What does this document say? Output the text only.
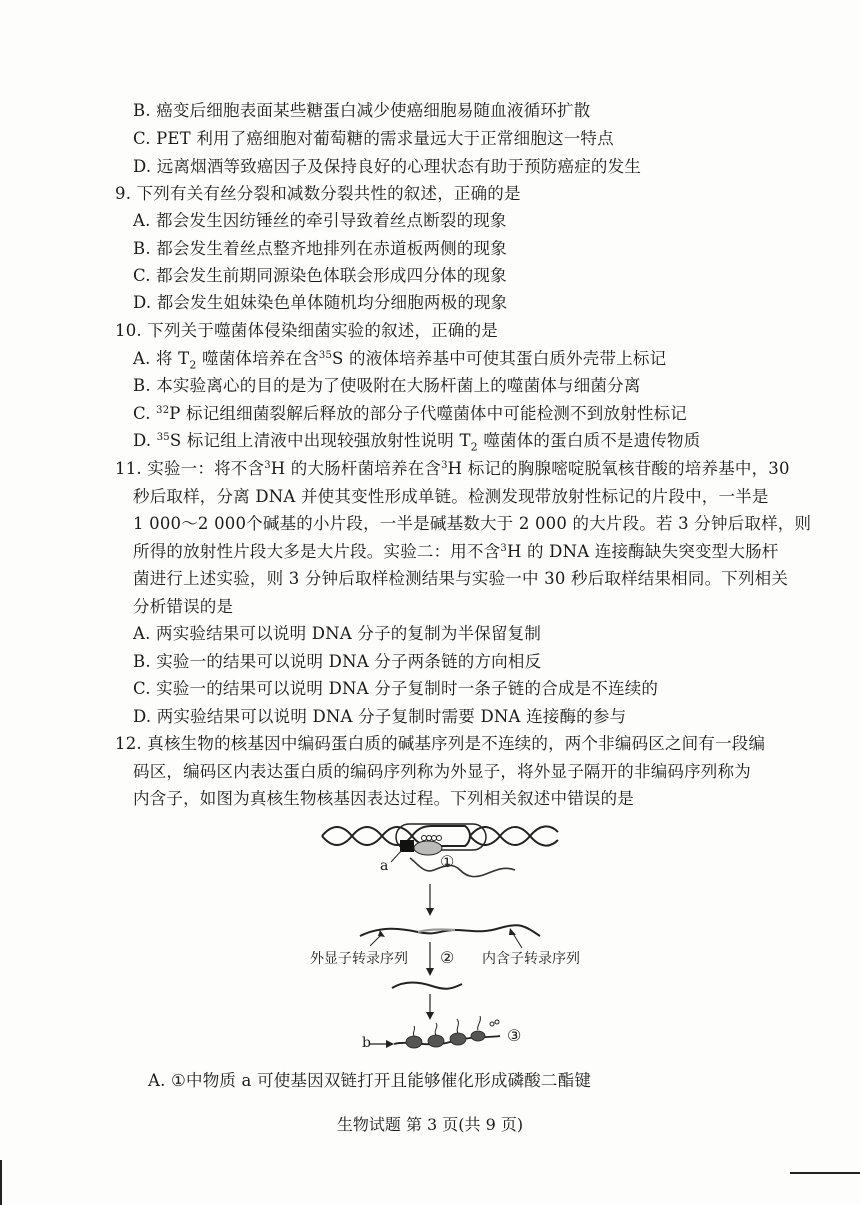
B. 癌变后细胞表面某些糖蛋白减少使癌细胞易随血液循环扩散
C. PET 利用了癌细胞对葡萄糖的需求量远大于正常细胞这一特点
D. 远离烟酒等致癌因子及保持良好的心理状态有助于预防癌症的发生
9. 下列有关有丝分裂和减数分裂共性的叙述，正确的是
A. 都会发生因纺锤丝的牵引导致着丝点断裂的现象
B. 都会发生着丝点整齐地排列在赤道板两侧的现象
C. 都会发生前期同源染色体联会形成四分体的现象
D. 都会发生姐妹染色单体随机均分细胞两极的现象
10. 下列关于噬菌体侵染细菌实验的叙述，正确的是
A. 将 $T_2$ 噬菌体培养在含$^{35}$S 的液体培养基中可使其蛋白质外壳带上标记
B. 本实验离心的目的是为了使吸附在大肠杆菌上的噬菌体与细菌分离
C. $^{32}$P 标记组细菌裂解后释放的部分子代噬菌体中可能检测不到放射性标记
D. $^{35}$S 标记组上清液中出现较强放射性说明 $T_2$ 噬菌体的蛋白质不是遗传物质
11. 实验一：将不含$^3$H 的大肠杆菌培养在含$^3$H 标记的胸腺嘧啶脱氧核苷酸的培养基中，30
秒后取样，分离 DNA 并使其变性形成单链。检测发现带放射性标记的片段中，一半是
1 000～2 000个碱基的小片段，一半是碱基数大于 2 000 的大片段。若 3 分钟后取样，则
所得的放射性片段大多是大片段。实验二：用不含$^3$H 的 DNA 连接酶缺失突变型大肠杆
菌进行上述实验，则 3 分钟后取样检测结果与实验一中 30 秒后取样结果相同。下列相关
分析错误的是
A. 两实验结果可以说明 DNA 分子的复制为半保留复制
B. 实验一的结果可以说明 DNA 分子两条链的方向相反
C. 实验一的结果可以说明 DNA 分子复制时一条子链的合成是不连续的
D. 两实验结果可以说明 DNA 分子复制时需要 DNA 连接酶的参与
12. 真核生物的核基因中编码蛋白质的碱基序列是不连续的，两个非编码区之间有一段编
码区，编码区内表达蛋白质的编码序列称为外显子，将外显子隔开的非编码序列称为
内含子，如图为真核生物核基因表达过程。下列相关叙述中错误的是
a	①
外显子转录序列 ② 内含子转录序列
b	③
A. ①中物质 a 可使基因双链打开且能够催化形成磷酸二酯键
生物试题 第 3 页(共 9 页)
